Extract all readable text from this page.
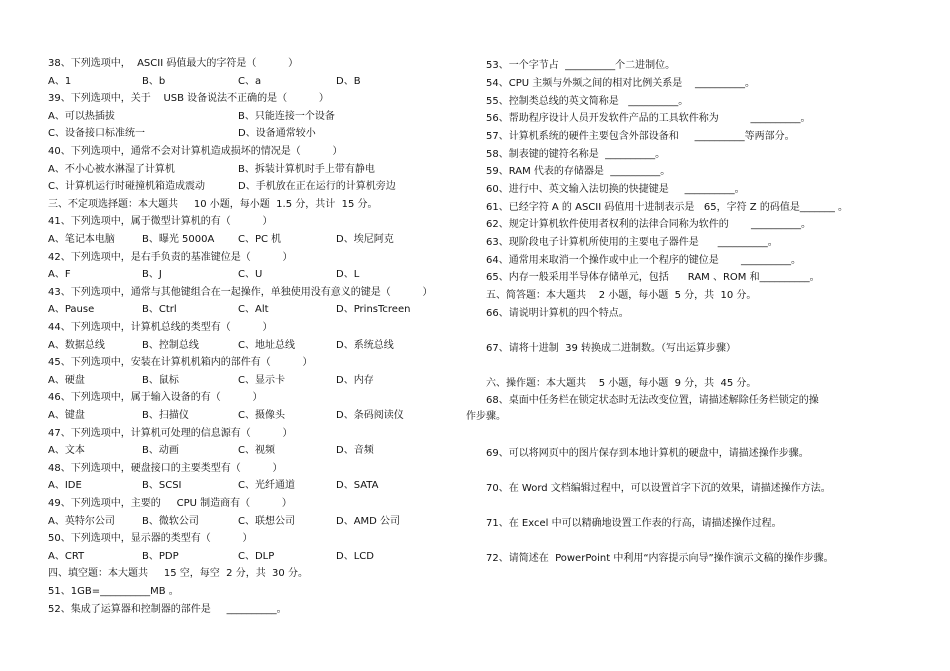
38、下列选项中，  ASCII 码值最大的字符是（          ）
A、1	B、b	C、a	D、B
39、下列选项中，关于    USB 设备说法不正确的是（          ）
A、可以热插拔	B、只能连接一个设备
C、设备接口标准统一	D、设备通常较小
40、下列选项中，通常不会对计算机造成损坏的情况是（          ）
A、不小心被水淋湿了计算机	B、拆装计算机时手上带有静电
C、计算机运行时碰撞机箱造成震动	D、手机放在正在运行的计算机旁边
三、不定项选择题：本大题共     10 小题，每小题  1.5 分，共计  15 分。
41、下列选项中，属于微型计算机的有（          ）
A、笔记本电脑	B、曝光 5000A C、PC 机	D、埃尼阿克
42、下列选项中，是右手负责的基准键位是（          ）
A、F	B、J	C、U	D、L
43、下列选项中，通常与其他键组合在一起操作，单独使用没有意义的键是（          ）
A、Pause	B、Ctrl	C、Alt	D、PrinsTcreen
44、下列选项中，计算机总线的类型有（          ）
A、数据总线	B、控制总线	C、地址总线	D、系统总线
45、下列选项中，安装在计算机机箱内的部件有（          ）
A、硬盘	B、鼠标	C、显示卡	D、内存
46、下列选项中，属于输入设备的有（          ）
A、键盘	B、扫描仪	C、摄像头	D、条码阅读仪
47、下列选项中，计算机可处理的信息源有（          ）
A、文本	B、动画	C、视频	D、音频
48、下列选项中，硬盘接口的主要类型有（          ）
A、IDE	B、SCSI	C、光纤通道	D、SATA
49、下列选项中，主要的     CPU 制造商有（          ）
A、英特尔公司	B、微软公司	C、联想公司	D、AMD 公司
50、下列选项中，显示器的类型有（          ）
A、CRT	B、PDP	C、DLP	D、LCD
四、填空题：本大题共     15 空，每空  2 分，共  30 分。
51、1GB=__________MB 。
52、集成了运算器和控制器的部件是     __________。
53、一个字节占  __________个二进制位。
54、CPU 主频与外频之间的相对比例关系是    __________。
55、控制类总线的英文简称是   __________。
56、帮助程序设计人员开发软件产品的工具软件称为          __________。
57、计算机系统的硬件主要包含外部设备和     __________等两部分。
58、制表键的键符名称是  __________。
59、RAM 代表的存储器是  __________。
60、进行中、英文输入法切换的快捷键是     __________。
61、已经字符 A 的 ASCII 码值用十进制表示是   65，字符 Z 的码值是_______ 。
62、规定计算机软件使用者权利的法律合同称为软件的       __________。
63、现阶段电子计算机所使用的主要电子器件是      __________。
64、通常用来取消一个操作或中止一个程序的键位是       __________。
65、内存一般采用半导体存储单元，包括      RAM 、ROM 和__________。
五、简答题：本大题共    2 小题，每小题  5 分，共  10 分。
66、请说明计算机的四个特点。
67、请将十进制  39 转换成二进制数。（写出运算步骤）
六、操作题：本大题共    5 小题，每小题  9 分，共  45 分。
68、桌面中任务栏在锁定状态时无法改变位置，请描述解除任务栏锁定的操
作步骤。
69、可以将网页中的图片保存到本地计算机的硬盘中，请描述操作步骤。
70、在 Word 文档编辑过程中，可以设置首字下沉的效果，请描述操作方法。
71、在 Excel 中可以精确地设置工作表的行高，请描述操作过程。
72、请简述在  PowerPoint 中利用“内容提示向导”操作演示文稿的操作步骤。
